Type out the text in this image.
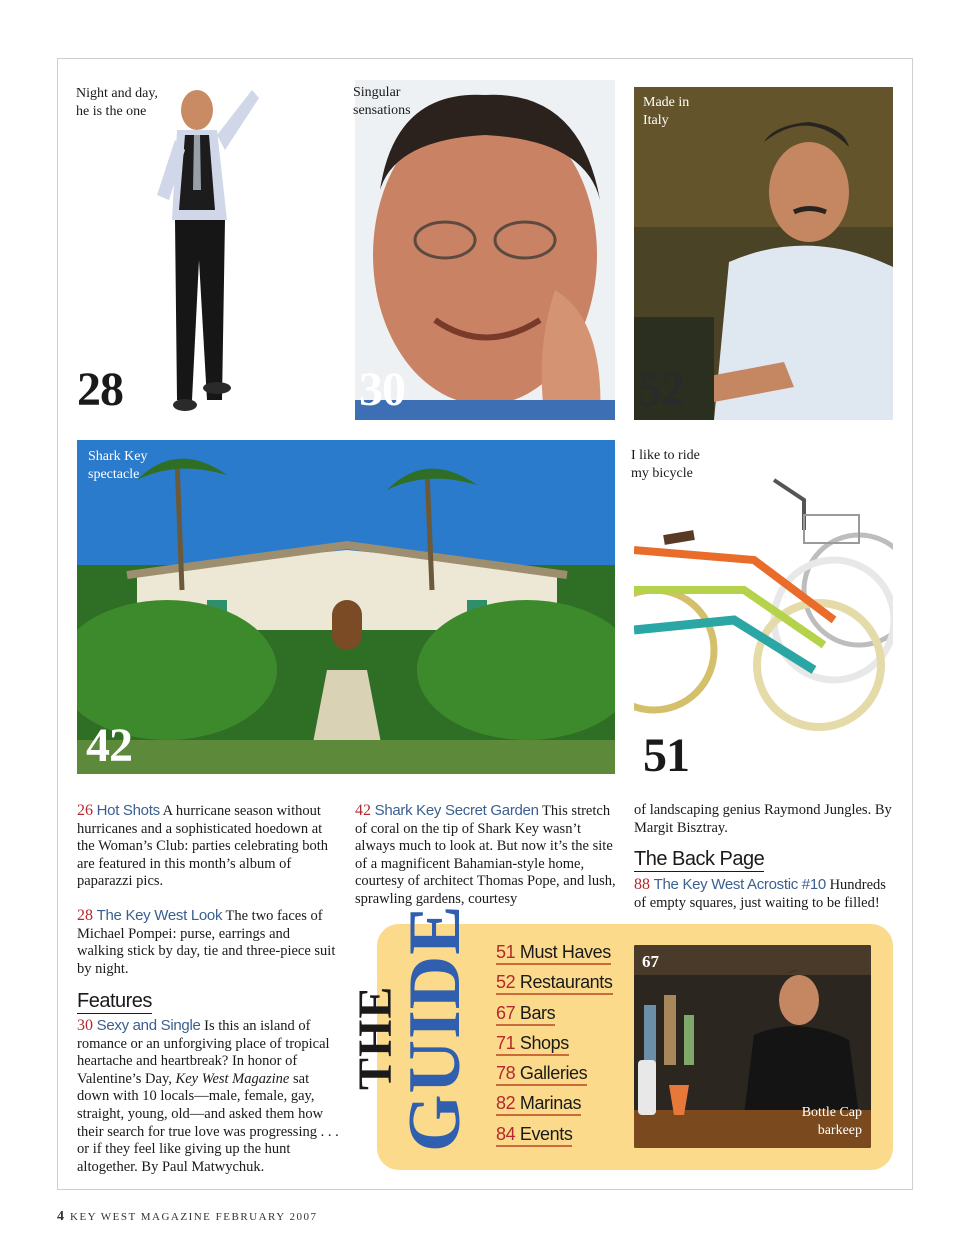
Night and day, he is the one
28
Singular sensations
30
Made in Italy
52
Shark Key spectacle
42
I like to ride my bicycle
51
26 Hot Shots A hurricane season without hurricanes and a sophisticated hoedown at the Woman’s Club: parties celebrating both are featured in this month’s album of paparazzi pics.
28 The Key West Look The two faces of Michael Pompei: purse, earrings and walking stick by day, tie and three-piece suit by night.
Features
30 Sexy and Single Is this an island of romance or an unforgiving place of tropical heartache and heartbreak? In honor of Valentine’s Day, Key West Magazine sat down with 10 locals—male, female, gay, straight, young, old—and asked them how their search for true love was progressing . . . or if they feel like giving up the hunt altogether. By Paul Matwychuk.
42 Shark Key Secret Garden This stretch of coral on the tip of Shark Key wasn’t always much to look at. But now it’s the site of a magnificent Bahamian-style home, courtesy of architect Thomas Pope, and lush, sprawling gardens, courtesy
of landscaping genius Raymond Jungles. By Margit Bisztray.
The Back Page
88 The Key West Acrostic #10 Hundreds of empty squares, just waiting to be filled!
THE
GUIDE 51 Must Haves
52 Restaurants
67 Bars
71 Shops
78 Galleries
82 Marinas
84 Events
67
Bottle Cap barkeep
4 KEY WEST MAGAZINE FEBRUARY 2007
